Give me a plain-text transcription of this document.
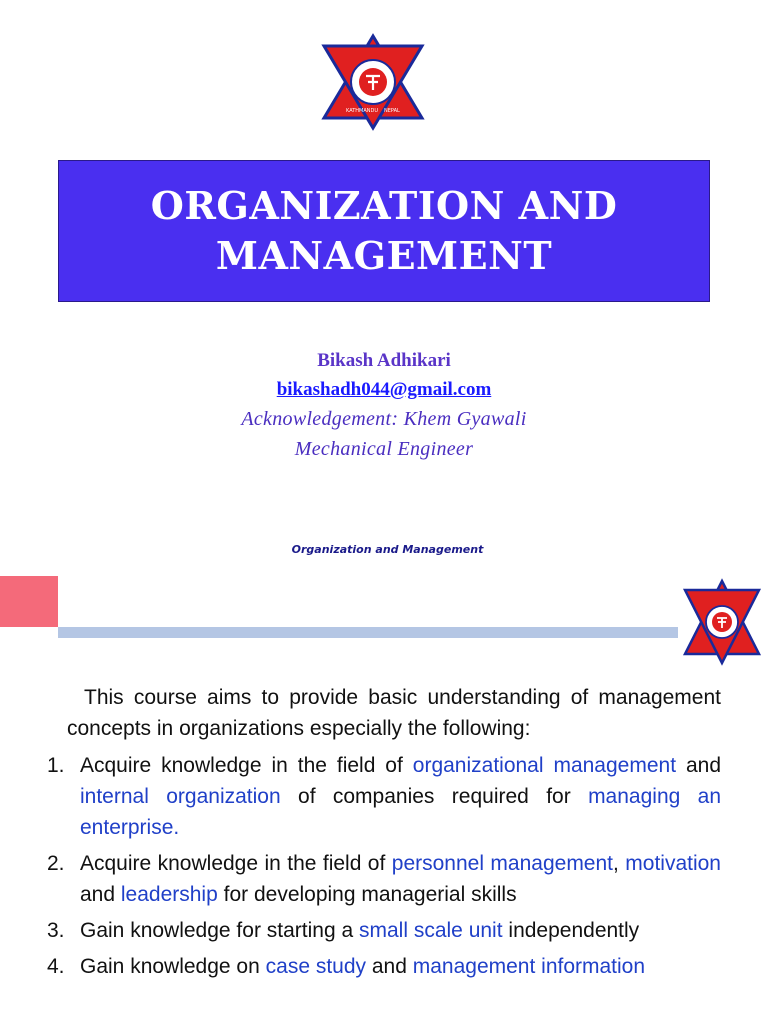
KATHMANDU NEPAL
ORGANIZATION AND
MANAGEMENT
Bikash Adhikari
bikashadh044@gmail.com
Acknowledgement: Khem Gyawali
Mechanical Engineer
Organization and Management

This course aims to provide basic understanding of management concepts in organizations especially the following:

1. Acquire knowledge in the field of organizational management and internal organization of companies required for managing an enterprise.
2. Acquire knowledge in the field of personnel management, motivation and leadership for developing managerial skills
3. Gain knowledge for starting a small scale unit independently
4. Gain knowledge on case study and management information
